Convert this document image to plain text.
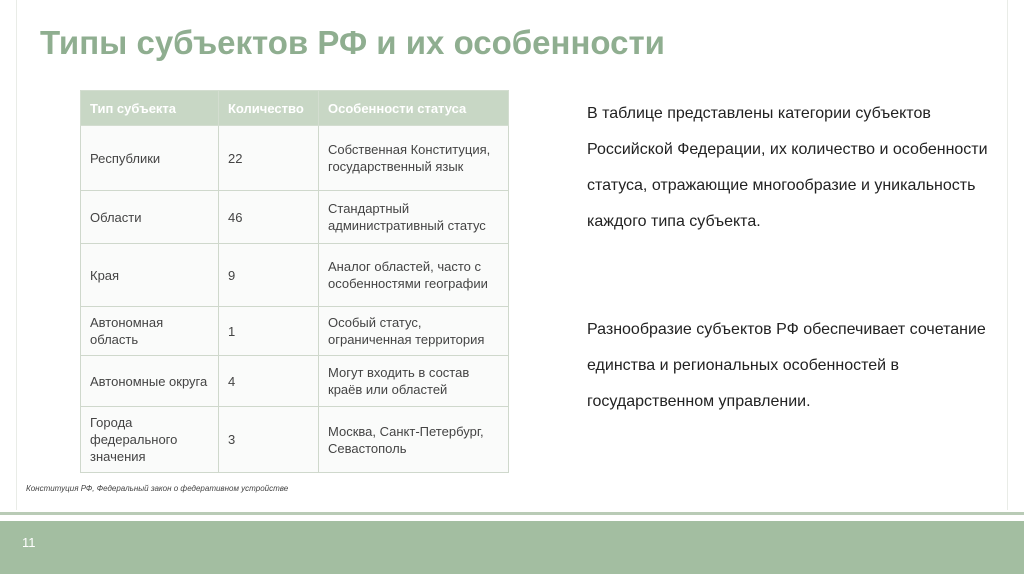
Типы субъектов РФ и их особенности
Тип субъекта	Количество	Особенности статуса
Республики	22	Собственная Конституция, государственный язык
Области	46	Стандартный административный статус
Края	9	Аналог областей, часто с особенностями географии
Автономная область	1	Особый статус, ограниченная территория
Автономные округа	4	Могут входить в состав краёв или областей
Города федерального значения	3	Москва, Санкт-Петербург, Севастополь
Конституция РФ, Федеральный закон о федеративном устройстве

В таблице представлены категории субъектов Российской Федерации, их количество и особенности статуса, отражающие многообразие и уникальность каждого типа субъекта.

Разнообразие субъектов РФ обеспечивает сочетание единства и региональных особенностей в государственном управлении.

11
